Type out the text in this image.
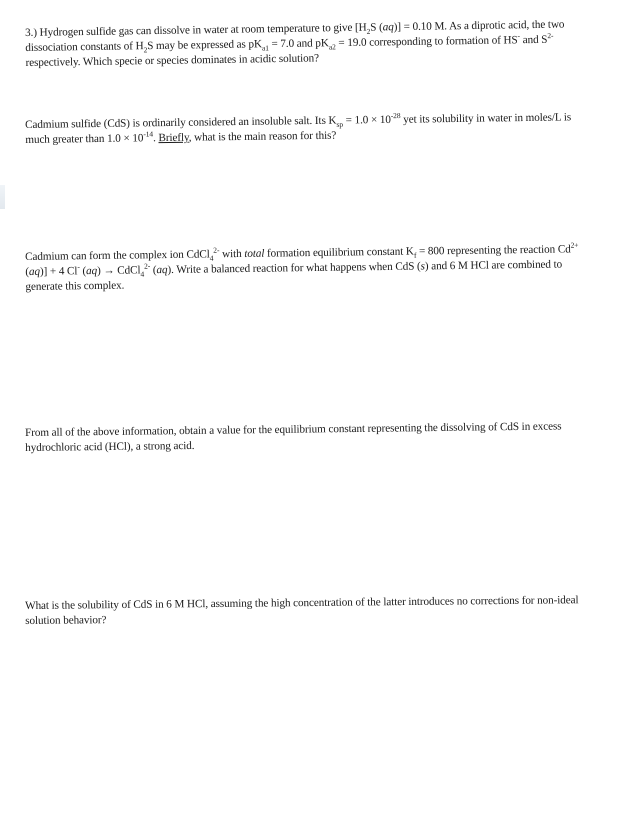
3.) Hydrogen sulfide gas can dissolve in water at room temperature to give [$H_2S$ (aq)] = 0.10 M. As a diprotic acid, the two dissociation constants of $H_2S$ may be expressed as $pK_{a1} = 7.0$ and $pK_{a2} = 19.0$ corresponding to formation of HS- and $S^{2-}$ respectively. Which specie or species dominates in acidic solution?
Cadmium sulfide (CdS) is ordinarily considered an insoluble salt. Its $K_{sp} = 1.0 \times 10^{-28}$ yet its solubility in water in moles/L is much greater than $1.0 \times 10^{-14}$. Briefly, what is the main reason for this?
Cadmium can form the complex ion CdCl$_4^{2-}$ with total formation equilibrium constant $K_f = 800$ representing the reaction $Cd^{2+}$ (aq)] + 4 Cl- (aq) → CdCl$_4^{2-}$ (aq). Write a balanced reaction for what happens when CdS (s) and 6 M HCl are combined to generate this complex.
From all of the above information, obtain a value for the equilibrium constant representing the dissolving of CdS in excess hydrochloric acid (HCl), a strong acid.
What is the solubility of CdS in 6 M HCl, assuming the high concentration of the latter introduces no corrections for non-ideal solution behavior?
